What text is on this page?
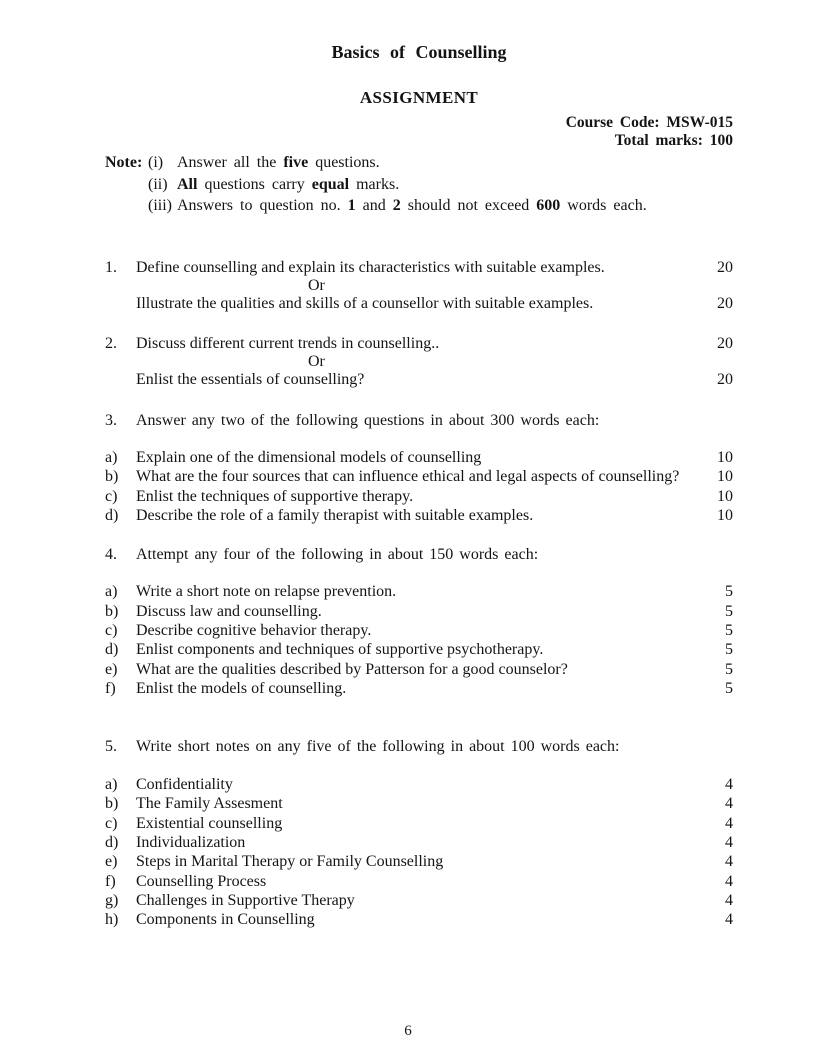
Basics of Counselling
ASSIGNMENT
Course Code: MSW-015
Total marks: 100
Note: (i) Answer all the five questions.
(ii) All questions carry equal marks.
(iii) Answers to question no. 1 and 2 should not exceed 600 words each.
1.	Define counselling and explain its characteristics with suitable examples.	20
Or
Illustrate the qualities and skills of a counsellor with suitable examples.	20
2.	Discuss different current trends in counselling..	20
Or
Enlist the essentials of counselling?	20
3.	Answer any two of the following questions in about 300 words each:
a)	Explain one of the dimensional models of counselling	10
b)	What are the four sources that can influence ethical and legal aspects of counselling?	10
c)	Enlist the techniques of supportive therapy.	10
d)	Describe the role of a family therapist with suitable examples.	10
4.	Attempt any four of the following in about 150 words each:
a)	Write a short note on relapse prevention.	5
b)	Discuss law and counselling.	5
c)	Describe cognitive behavior therapy.	5
d)	Enlist components and techniques of supportive psychotherapy.	5
e)	What are the qualities described by Patterson for a good counselor?	5
f)	Enlist the models of counselling.	5
5.	Write short notes on any five of the following in about 100 words each:
a)	Confidentiality	4
b)	The Family Assesment	4
c)	Existential counselling	4
d)	Individualization	4
e)	Steps in Marital Therapy or Family Counselling	4
f)	Counselling Process	4
g)	Challenges in Supportive Therapy	4
h)	Components in Counselling	4
6
